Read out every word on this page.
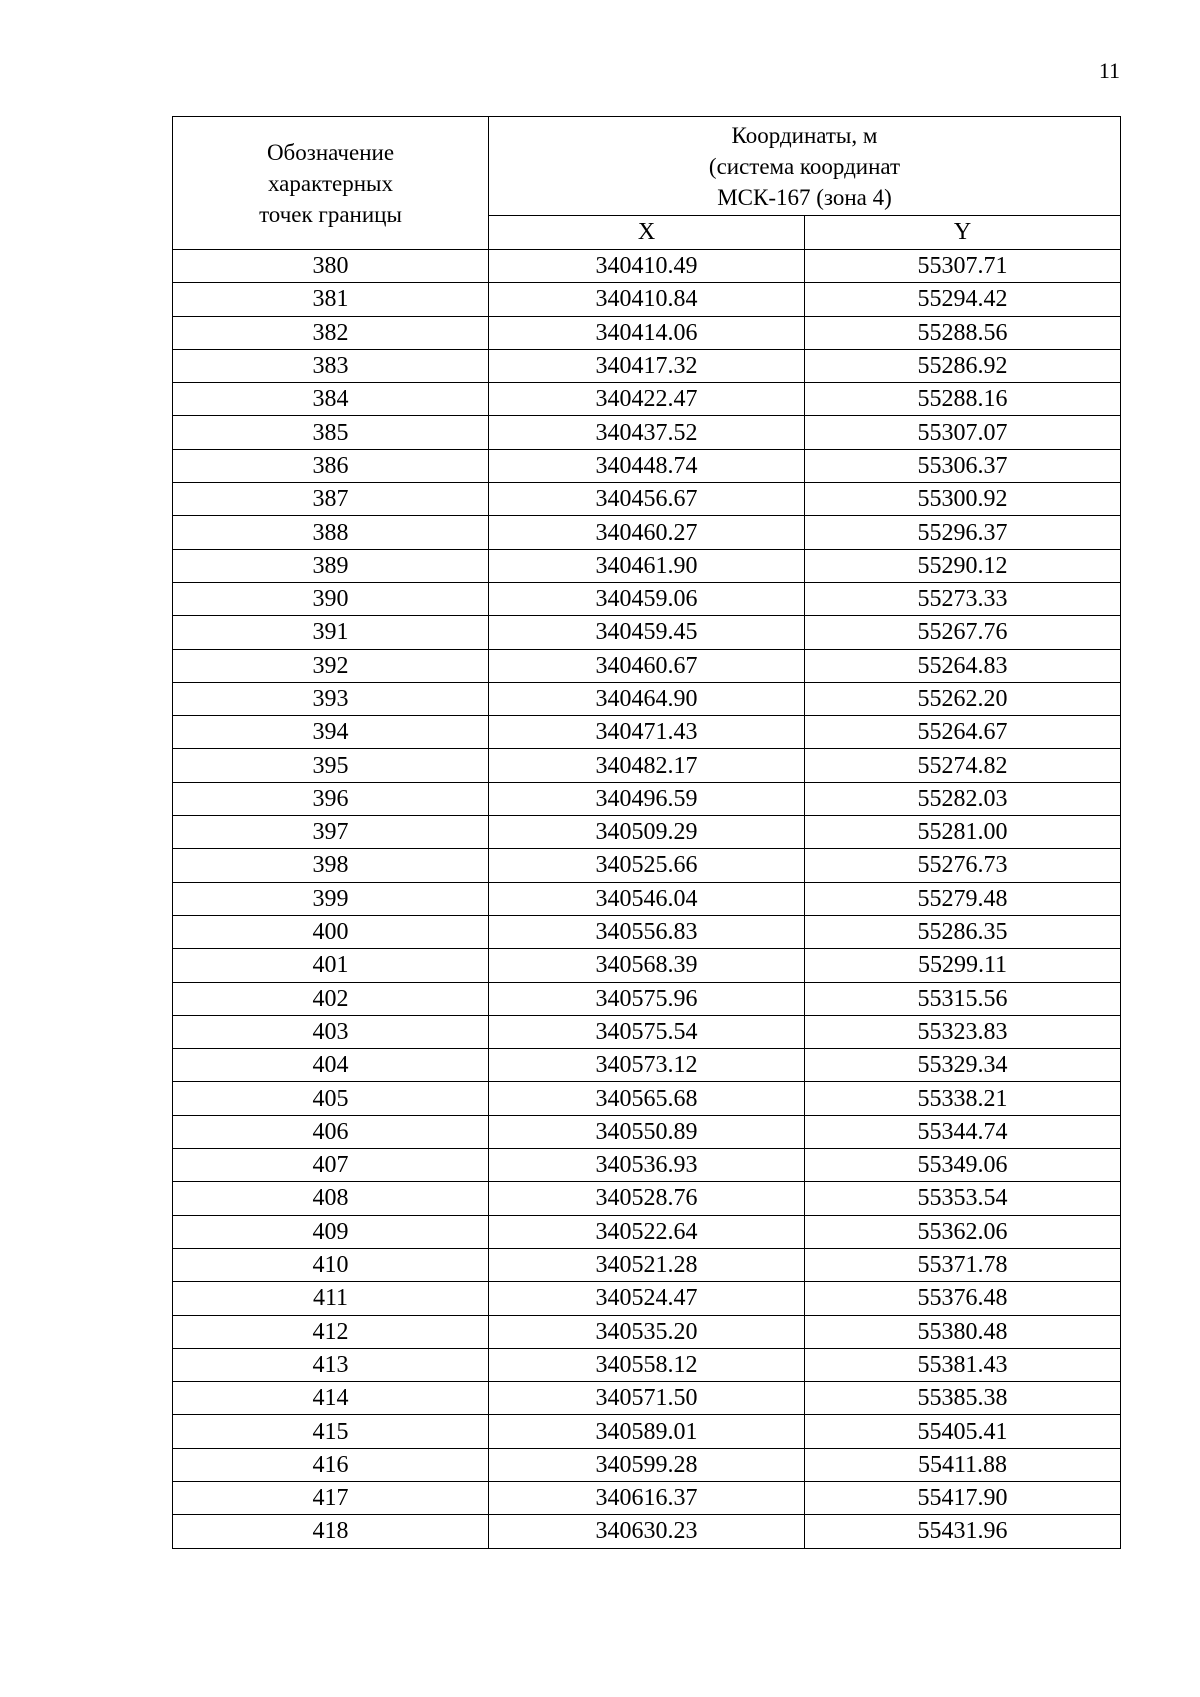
11
Обозначение
характерных
точек границы	Координаты, м
(система координат
МСК-167 (зона 4)	

	X	Y
380	340410.49	55307.71
381	340410.84	55294.42
382	340414.06	55288.56
383	340417.32	55286.92
384	340422.47	55288.16
385	340437.52	55307.07
386	340448.74	55306.37
387	340456.67	55300.92
388	340460.27	55296.37
389	340461.90	55290.12
390	340459.06	55273.33
391	340459.45	55267.76
392	340460.67	55264.83
393	340464.90	55262.20
394	340471.43	55264.67
395	340482.17	55274.82
396	340496.59	55282.03
397	340509.29	55281.00
398	340525.66	55276.73
399	340546.04	55279.48
400	340556.83	55286.35
401	340568.39	55299.11
402	340575.96	55315.56
403	340575.54	55323.83
404	340573.12	55329.34
405	340565.68	55338.21
406	340550.89	55344.74
407	340536.93	55349.06
408	340528.76	55353.54
409	340522.64	55362.06
410	340521.28	55371.78
411	340524.47	55376.48
412	340535.20	55380.48
413	340558.12	55381.43
414	340571.50	55385.38
415	340589.01	55405.41
416	340599.28	55411.88
417	340616.37	55417.90
418	340630.23	55431.96
